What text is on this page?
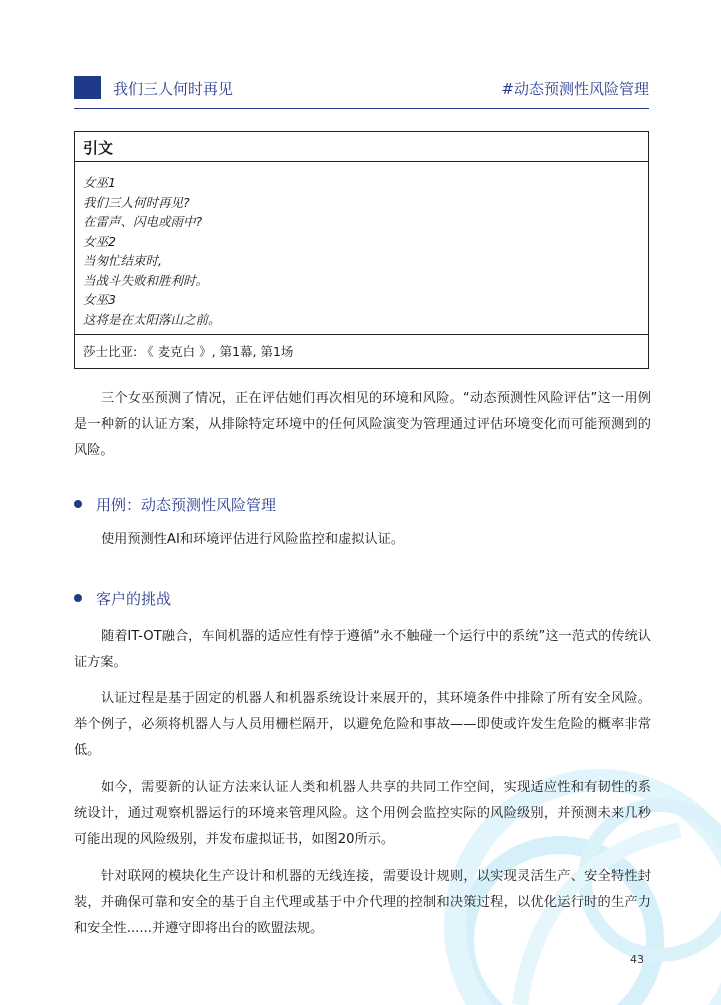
我们三人何时再见	#动态预测性风险管理
引文
女巫1
我们三人何时再见?
在雷声、闪电或雨中?
女巫2
当匆忙结束时,
当战斗失败和胜利时。
女巫3
这将是在太阳落山之前。
莎士比亚: 《 麦克白 》, 第1幕, 第1场

三个女巫预测了情况，正在评估她们再次相见的环境和风险。“动态预测性风险评估”这一用例是一种新的认证方案，从排除特定环境中的任何风险演变为管理通过评估环境变化而可能预测到的风险。

用例：动态预测性风险管理

使用预测性AI和环境评估进行风险监控和虚拟认证。

客户的挑战

随着IT-OT融合，车间机器的适应性有悖于遵循“永不触碰一个运行中的系统”这一范式的传统认证方案。

认证过程是基于固定的机器人和机器系统设计来展开的，其环境条件中排除了所有安全风险。举个例子，必须将机器人与人员用栅栏隔开，以避免危险和事故——即使或许发生危险的概率非常低。

如今，需要新的认证方法来认证人类和机器人共享的共同工作空间，实现适应性和有韧性的系统设计，通过观察机器运行的环境来管理风险。这个用例会监控实际的风险级别，并预测未来几秒可能出现的风险级别，并发布虚拟证书，如图20所示。

针对联网的模块化生产设计和机器的无线连接，需要设计规则，以实现灵活生产、安全特性封装，并确保可靠和安全的基于自主代理或基于中介代理的控制和决策过程，以优化运行时的生产力和安全性......并遵守即将出台的欧盟法规。

43
